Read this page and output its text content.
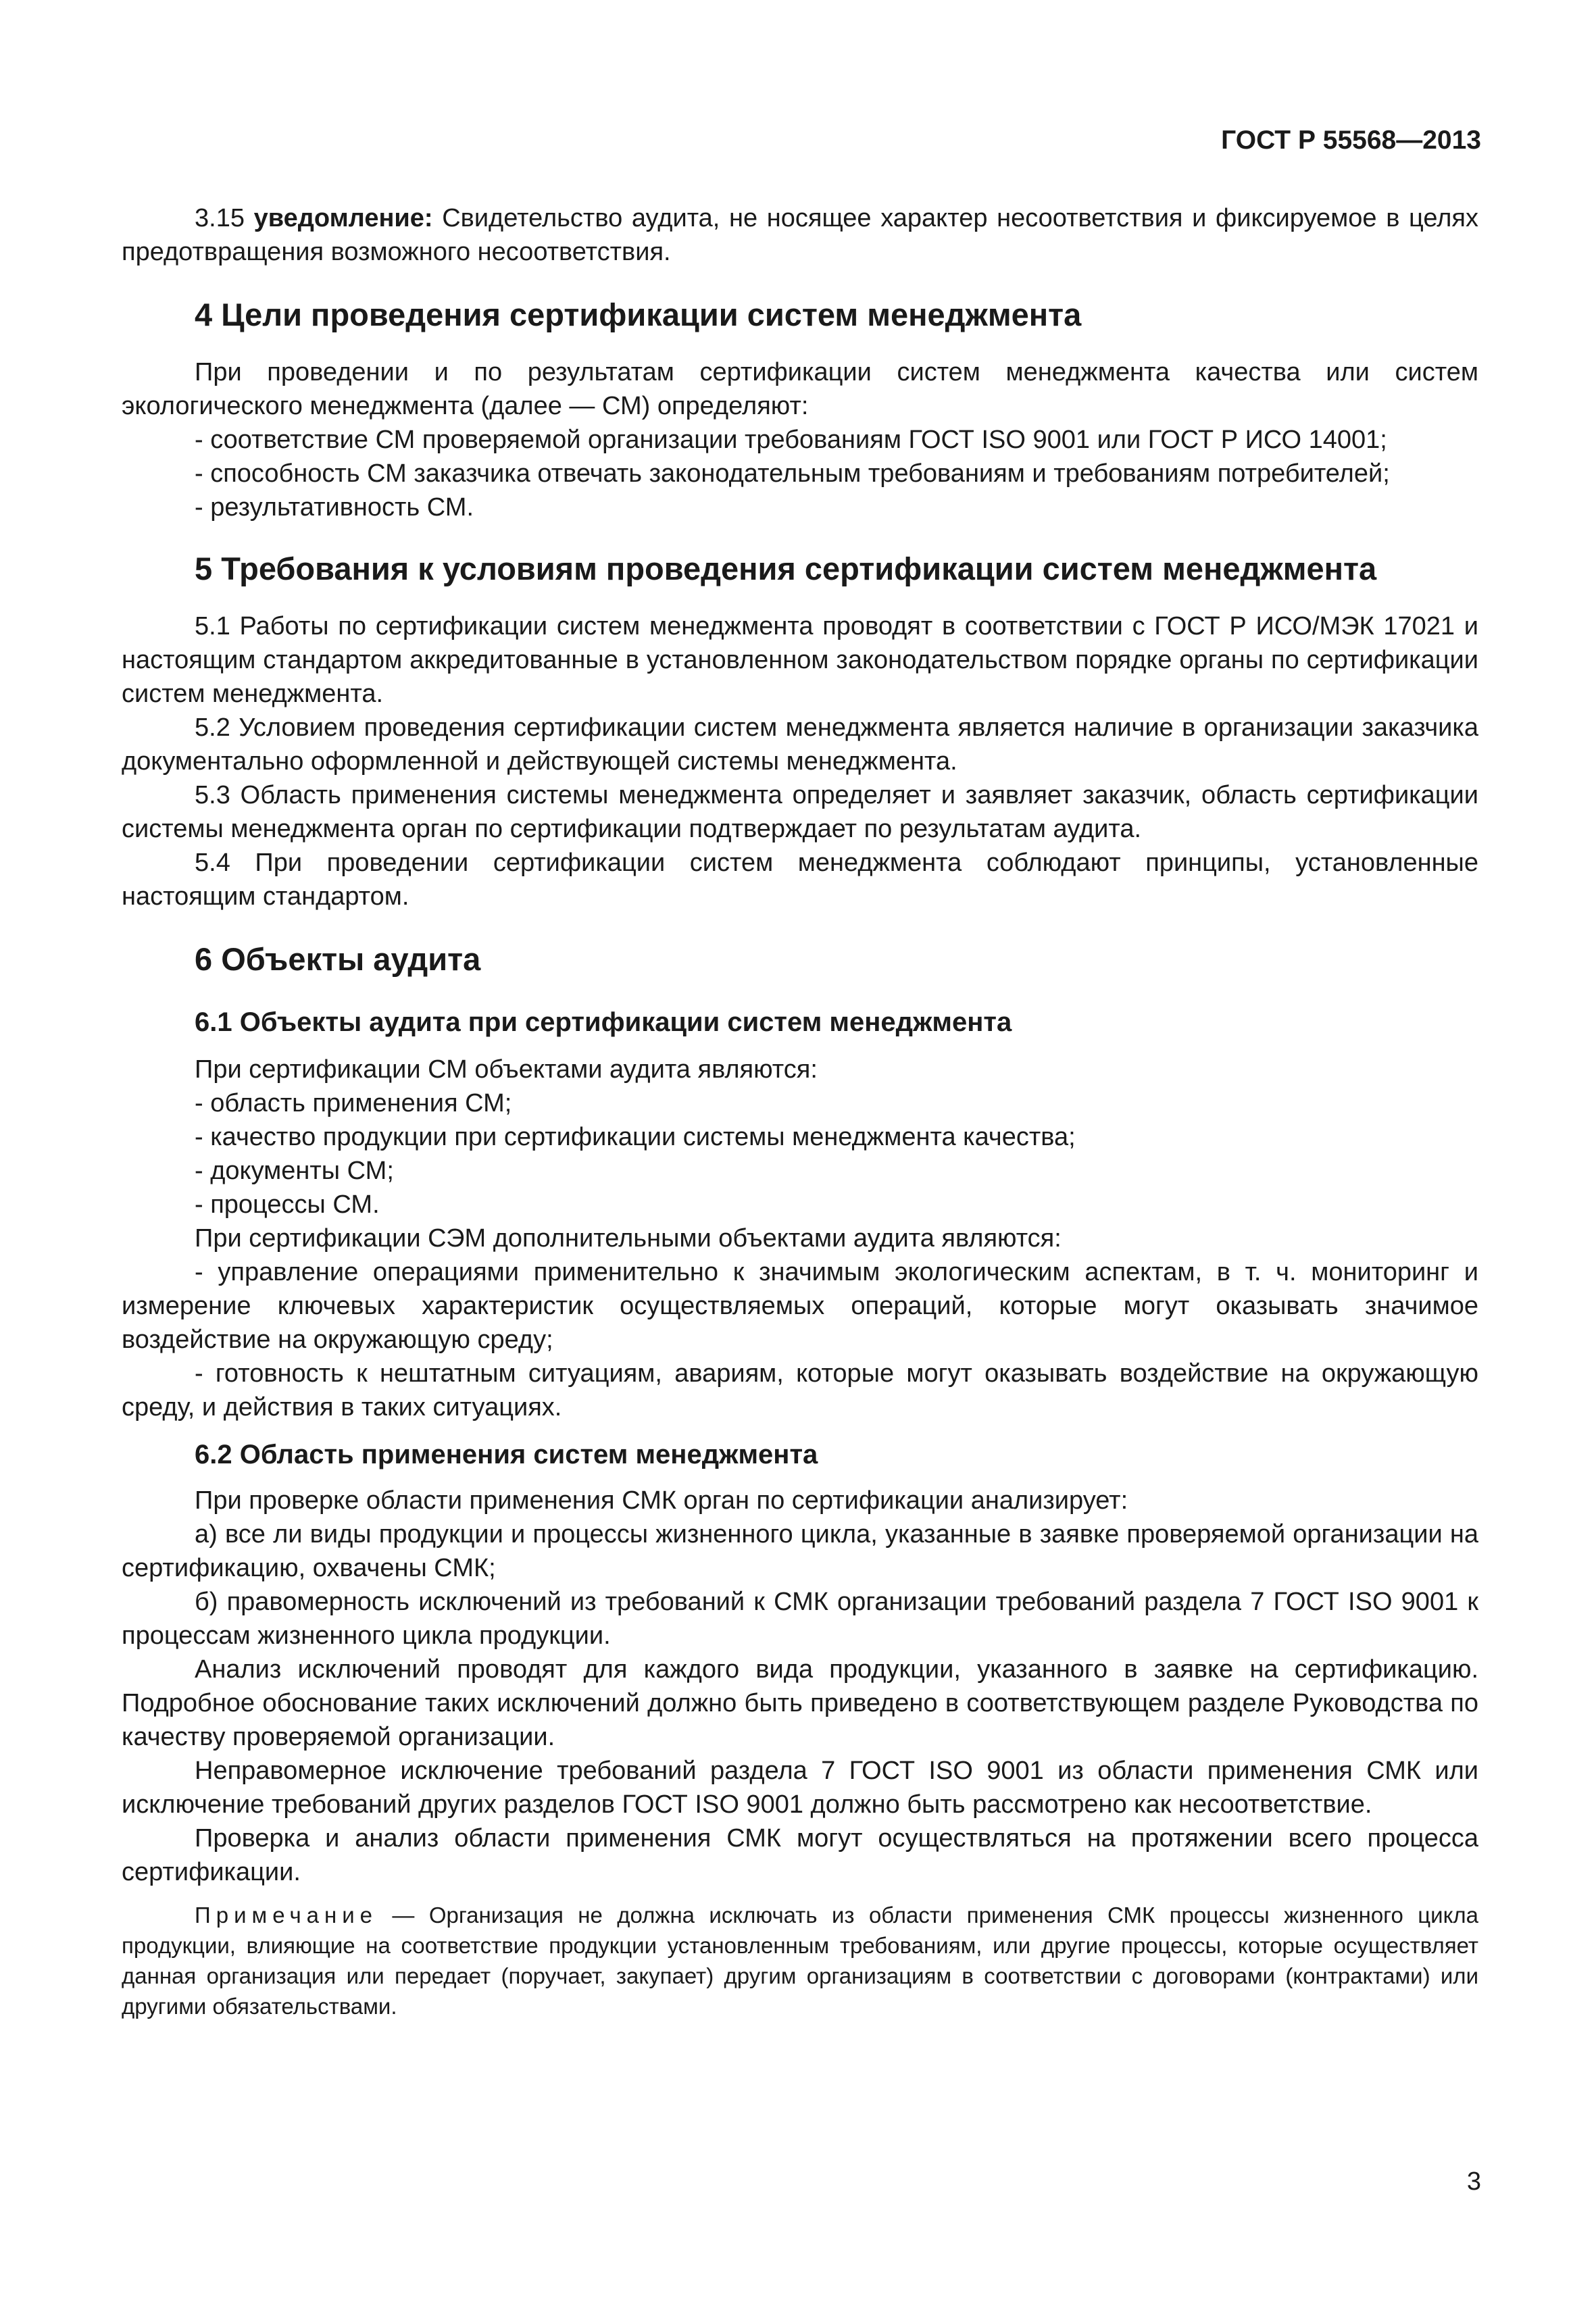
ГОСТ Р 55568—2013

3.15 уведомление: Свидетельство аудита, не носящее характер несоответствия и фиксируемое в целях предотвращения возможного несоответствия.

4 Цели проведения сертификации систем менеджмента

При проведении и по результатам сертификации систем менеджмента качества или систем экологического менеджмента (далее — СМ) определяют:

- соответствие СМ проверяемой организации требованиям ГОСТ ISO 9001 или ГОСТ Р ИСО 14001;

- способность СМ заказчика отвечать законодательным требованиям и требованиям потребителей;

- результативность СМ.

5 Требования к условиям проведения сертификации систем менеджмента

5.1 Работы по сертификации систем менеджмента проводят в соответствии с ГОСТ Р ИСО/МЭК 17021 и настоящим стандартом аккредитованные в установленном законодательством порядке органы по сертификации систем менеджмента.

5.2 Условием проведения сертификации систем менеджмента является наличие в организации заказчика документально оформленной и действующей системы менеджмента.

5.3 Область применения системы менеджмента определяет и заявляет заказчик, область сертификации системы менеджмента орган по сертификации подтверждает по результатам аудита.

5.4 При проведении сертификации систем менеджмента соблюдают принципы, установленные настоящим стандартом.

6 Объекты аудита
6.1 Объекты аудита при сертификации систем менеджмента

При сертификации СМ объектами аудита являются:

- область применения СМ;

- качество продукции при сертификации системы менеджмента качества;

- документы СМ;

- процессы СМ.

При сертификации СЭМ дополнительными объектами аудита являются:

- управление операциями применительно к значимым экологическим аспектам, в т. ч. мониторинг и измерение ключевых характеристик осуществляемых операций, которые могут оказывать значимое воздействие на окружающую среду;

- готовность к нештатным ситуациям, авариям, которые могут оказывать воздействие на окружающую среду, и действия в таких ситуациях.

6.2 Область применения систем менеджмента

При проверке области применения СМК орган по сертификации анализирует:

а) все ли виды продукции и процессы жизненного цикла, указанные в заявке проверяемой организации на сертификацию, охвачены СМК;

б) правомерность исключений из требований к СМК организации требований раздела 7 ГОСТ ISO 9001 к процессам жизненного цикла продукции.

Анализ исключений проводят для каждого вида продукции, указанного в заявке на сертификацию. Подробное обоснование таких исключений должно быть приведено в соответствующем разделе Руководства по качеству проверяемой организации.

Неправомерное исключение требований раздела 7 ГОСТ ISO 9001 из области применения СМК или исключение требований других разделов ГОСТ ISO 9001 должно быть рассмотрено как несоответствие.

Проверка и анализ области применения СМК могут осуществляться на протяжении всего процесса сертификации.

Примечание — Организация не должна исключать из области применения СМК процессы жизненного цикла продукции, влияющие на соответствие продукции установленным требованиям, или другие процессы, которые осуществляет данная организация или передает (поручает, закупает) другим организациям в соответствии с договорами (контрактами) или другими обязательствами.

3
